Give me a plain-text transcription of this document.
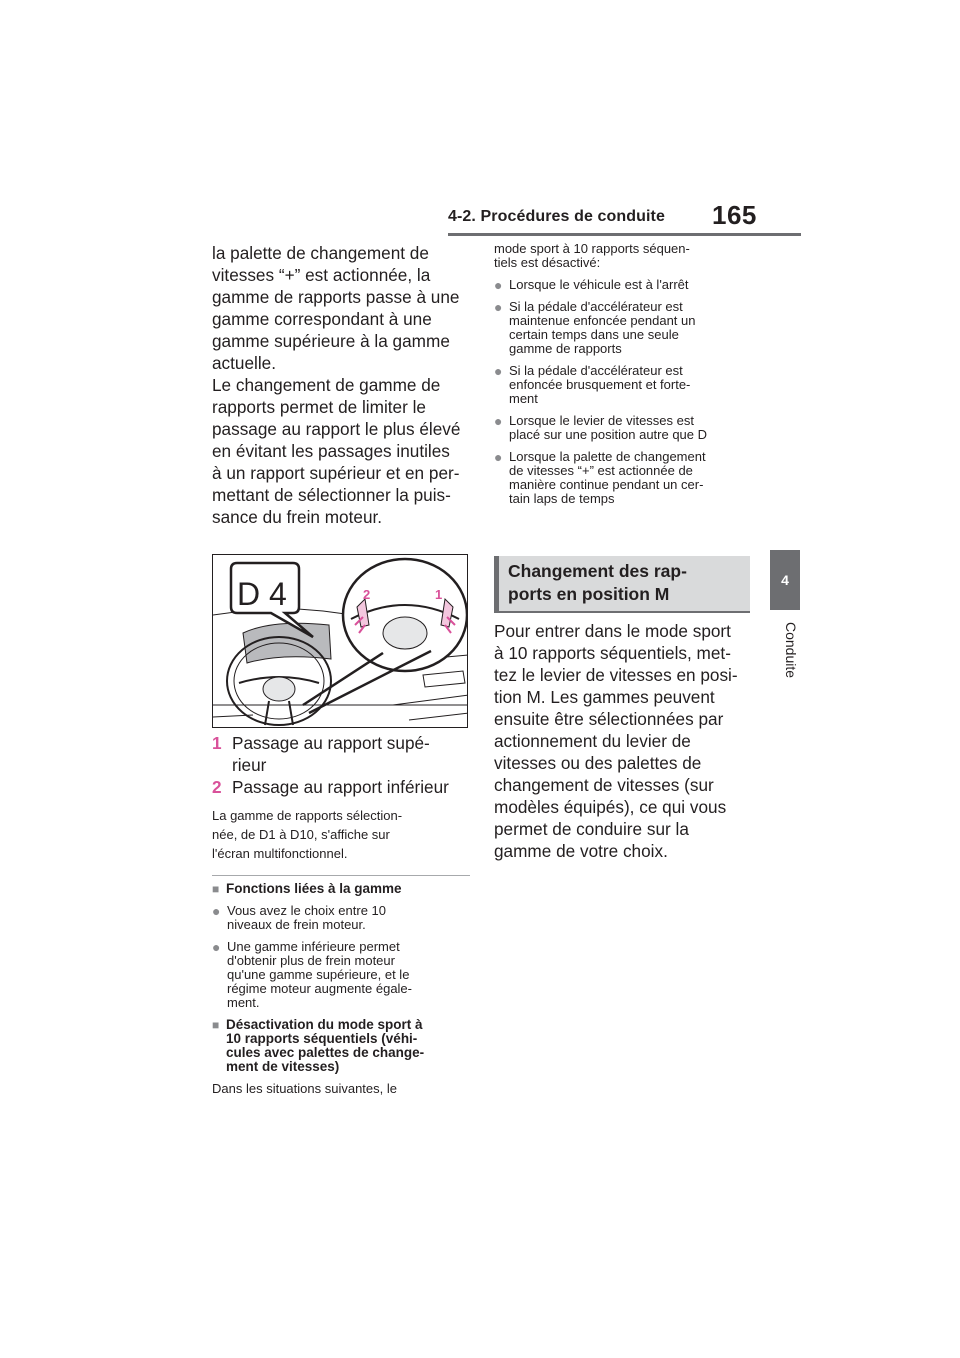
4-2. Procédures de conduite 165
4
Conduite
la palette de changement de
vitesses “+” est actionnée, la
gamme de rapports passe à une
gamme correspondant à une
gamme supérieure à la gamme
actuelle.
Le changement de gamme de
rapports permet de limiter le
passage au rapport le plus élevé
en évitant les passages inutiles
à un rapport supérieur et en per-
mettant de sélectionner la puis-
sance du frein moteur.
D 4	2	1
1 Passage au rapport supé-
rieur
2 Passage au rapport inférieur
La gamme de rapports sélection-
née, de D1 à D10, s'affiche sur
l'écran multifonctionnel.
■ Fonctions liées à la gamme
● Vous avez le choix entre 10
niveaux de frein moteur.
● Une gamme inférieure permet
d'obtenir plus de frein moteur
qu'une gamme supérieure, et le
régime moteur augmente égale-
ment.
■ Désactivation du mode sport à
10 rapports séquentiels (véhi-
cules avec palettes de change-
ment de vitesses)
Dans les situations suivantes, le
mode sport à 10 rapports séquen-
tiels est désactivé:
● Lorsque le véhicule est à l'arrêt
● Si la pédale d'accélérateur est
maintenue enfoncée pendant un
certain temps dans une seule
gamme de rapports
● Si la pédale d'accélérateur est
enfoncée brusquement et forte-
ment
● Lorsque le levier de vitesses est
placé sur une position autre que D
● Lorsque la palette de changement
de vitesses “+” est actionnée de
manière continue pendant un cer-
tain laps de temps
Changement des rap-
ports en position M
Pour entrer dans le mode sport
à 10 rapports séquentiels, met-
tez le levier de vitesses en posi-
tion M. Les gammes peuvent
ensuite être sélectionnées par
actionnement du levier de
vitesses ou des palettes de
changement de vitesses (sur
modèles équipés), ce qui vous
permet de conduire sur la
gamme de votre choix.
